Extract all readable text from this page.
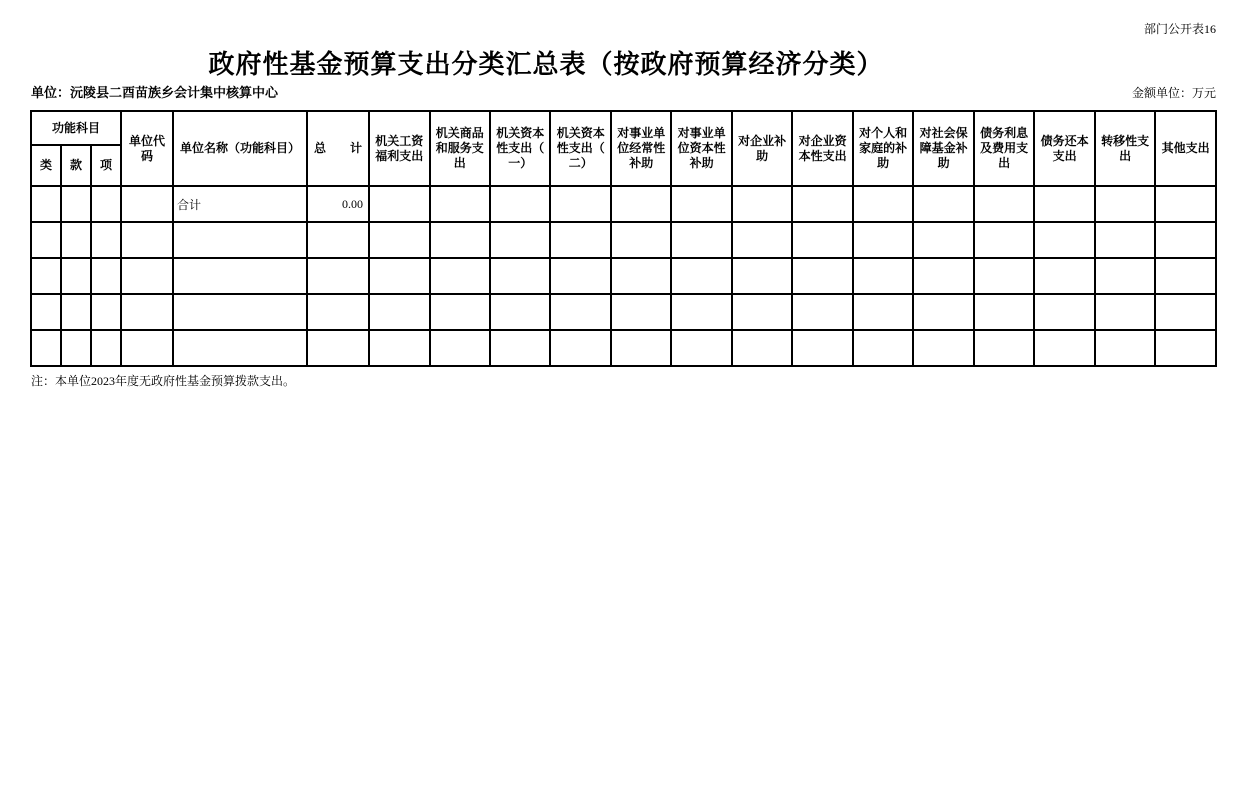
部门公开表16
政府性基金预算支出分类汇总表（按政府预算经济分类）
单位：沅陵县二酉苗族乡会计集中核算中心	金额单位：万元
功能科目			单位代码	单位名称（功能科目）	总　　计	机关工资福利支出	机关商品和服务支出	机关资本性支出（一）	机关资本性支出（二）	对事业单位经常性补助	对事业单位资本性补助	对企业补助	对企业资本性支出	对个人和家庭的补助	对社会保障基金补助	债务利息及费用支出	债务还本支出	转移性支出	其他支出
类	款	项																	
				合计	0.00														

注：本单位2023年度无政府性基金预算拨款支出。
